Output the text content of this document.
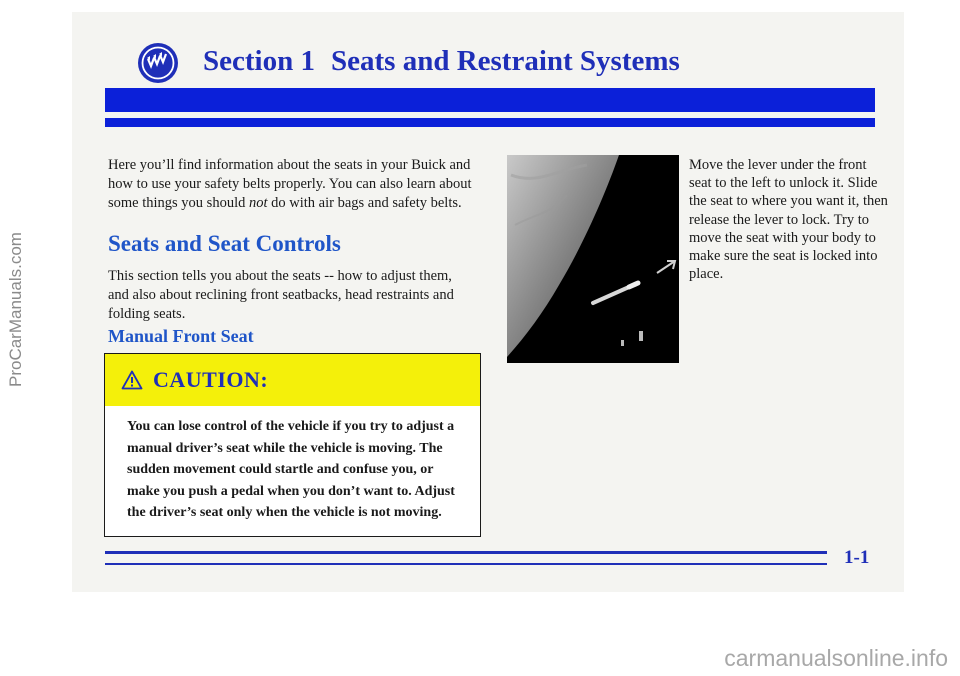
ProCarManuals.com
Section 1 Seats and Restraint Systems

Here you’ll find information about the seats in your Buick and how to use your safety belts properly. You can also learn about some things you should not do with air bags and safety belts.

Seats and Seat Controls

This section tells you about the seats -- how to adjust them, and also about reclining front seatbacks, head restraints and folding seats.

Manual Front Seat
CAUTION:
You can lose control of the vehicle if you try to adjust a manual driver’s seat while the vehicle is moving. The sudden movement could startle and confuse you, or make you push a pedal when you don’t want to. Adjust the driver’s seat only when the vehicle is not moving.

Move the lever under the front seat to the left to unlock it. Slide the seat to where you want it, then release the lever to lock. Try to move the seat with your body to make sure the seat is locked into place.

1-1
carmanualsonline.info
